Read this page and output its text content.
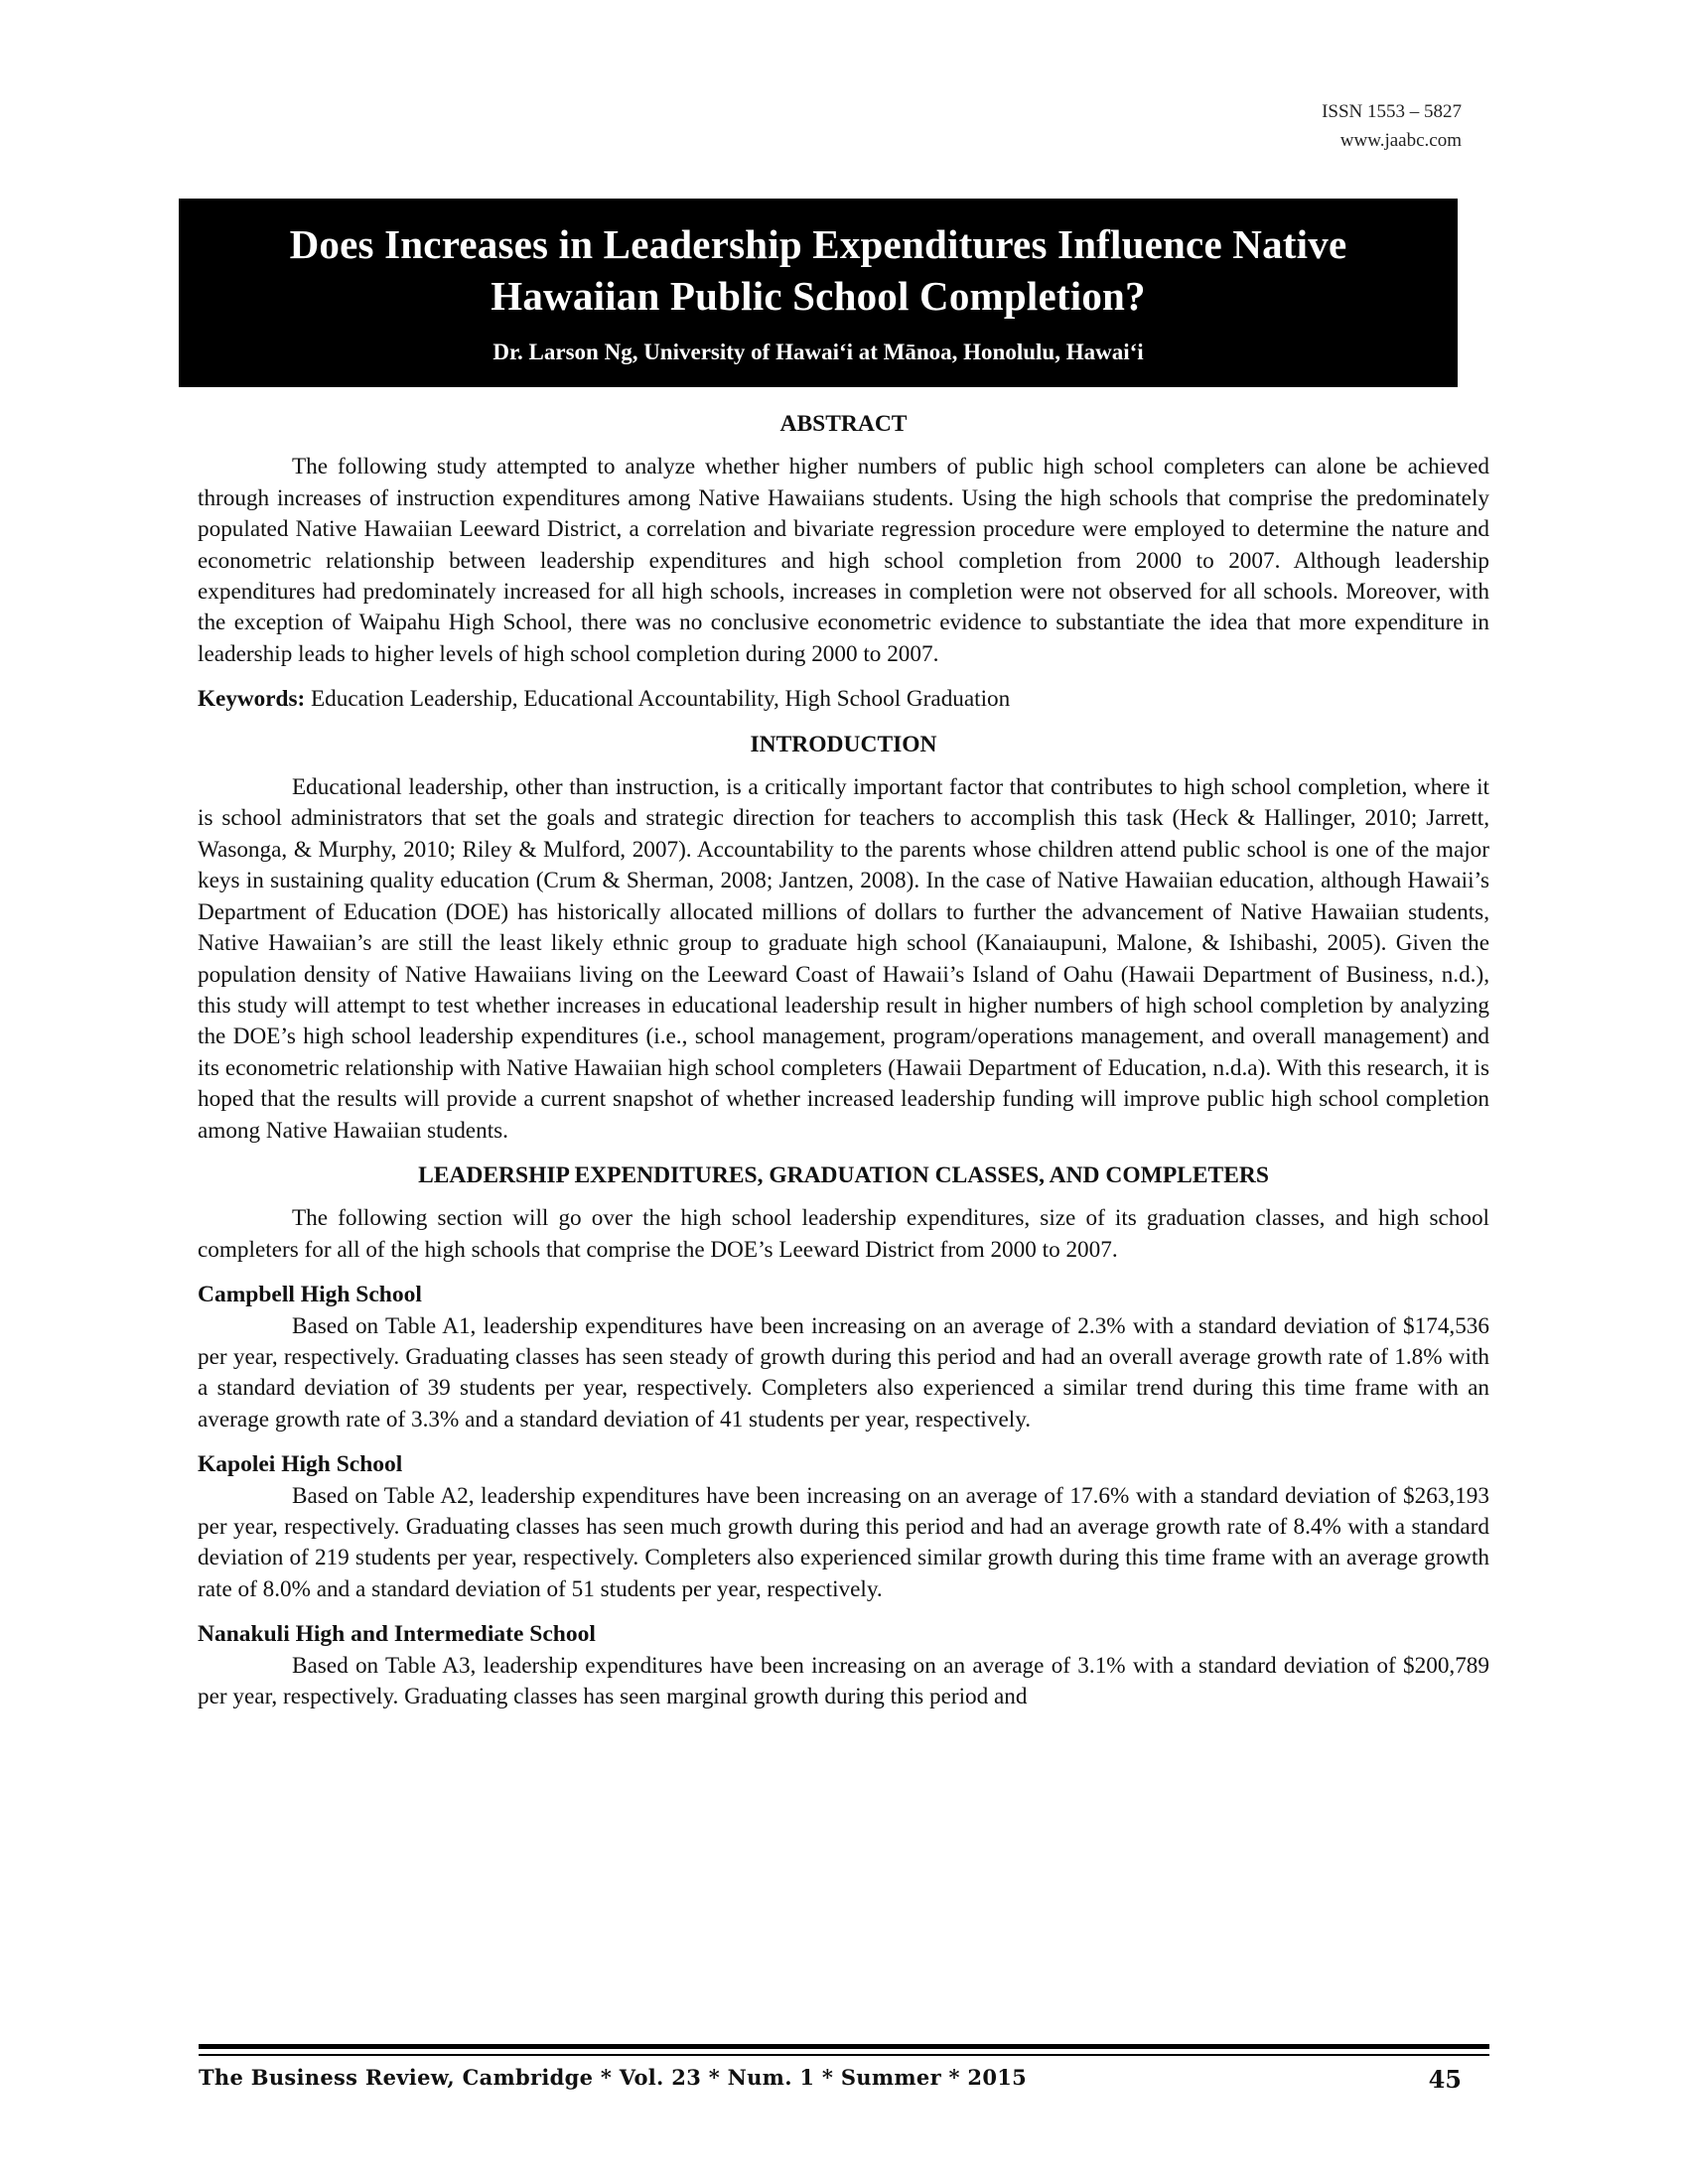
ISSN 1553 – 5827
www.jaabc.com
Does Increases in Leadership Expenditures Influence Native
Hawaiian Public School Completion?
Dr. Larson Ng, University of Hawai‘i at Mānoa, Honolulu, Hawai‘i
ABSTRACT

The following study attempted to analyze whether higher numbers of public high school completers can alone be achieved through increases of instruction expenditures among Native Hawaiians students. Using the high schools that comprise the predominately populated Native Hawaiian Leeward District, a correlation and bivariate regression procedure were employed to determine the nature and econometric relationship between leadership expenditures and high school completion from 2000 to 2007. Although leadership expenditures had predominately increased for all high schools, increases in completion were not observed for all schools. Moreover, with the exception of Waipahu High School, there was no conclusive econometric evidence to substantiate the idea that more expenditure in leadership leads to higher levels of high school completion during 2000 to 2007.

Keywords: Education Leadership, Educational Accountability, High School Graduation

INTRODUCTION

Educational leadership, other than instruction, is a critically important factor that contributes to high school completion, where it is school administrators that set the goals and strategic direction for teachers to accomplish this task (Heck & Hallinger, 2010; Jarrett, Wasonga, & Murphy, 2010; Riley & Mulford, 2007). Accountability to the parents whose children attend public school is one of the major keys in sustaining quality education (Crum & Sherman, 2008; Jantzen, 2008). In the case of Native Hawaiian education, although Hawaii’s Department of Education (DOE) has historically allocated millions of dollars to further the advancement of Native Hawaiian students, Native Hawaiian’s are still the least likely ethnic group to graduate high school (Kanaiaupuni, Malone, & Ishibashi, 2005). Given the population density of Native Hawaiians living on the Leeward Coast of Hawaii’s Island of Oahu (Hawaii Department of Business, n.d.), this study will attempt to test whether increases in educational leadership result in higher numbers of high school completion by analyzing the DOE’s high school leadership expenditures (i.e., school management, program/operations management, and overall management) and its econometric relationship with Native Hawaiian high school completers (Hawaii Department of Education, n.d.a). With this research, it is hoped that the results will provide a current snapshot of whether increased leadership funding will improve public high school completion among Native Hawaiian students.

LEADERSHIP EXPENDITURES, GRADUATION CLASSES, AND COMPLETERS

The following section will go over the high school leadership expenditures, size of its graduation classes, and high school completers for all of the high schools that comprise the DOE’s Leeward District from 2000 to 2007.

Campbell High School

Based on Table A1, leadership expenditures have been increasing on an average of 2.3% with a standard deviation of $174,536 per year, respectively. Graduating classes has seen steady of growth during this period and had an overall average growth rate of 1.8% with a standard deviation of 39 students per year, respectively. Completers also experienced a similar trend during this time frame with an average growth rate of 3.3% and a standard deviation of 41 students per year, respectively.

Kapolei High School

Based on Table A2, leadership expenditures have been increasing on an average of 17.6% with a standard deviation of $263,193 per year, respectively. Graduating classes has seen much growth during this period and had an average growth rate of 8.4% with a standard deviation of 219 students per year, respectively. Completers also experienced similar growth during this time frame with an average growth rate of 8.0% and a standard deviation of 51 students per year, respectively.

Nanakuli High and Intermediate School

Based on Table A3, leadership expenditures have been increasing on an average of 3.1% with a standard deviation of $200,789 per year, respectively. Graduating classes has seen marginal growth during this period and

The Business Review, Cambridge * Vol. 23 * Num. 1 * Summer * 2015	45
